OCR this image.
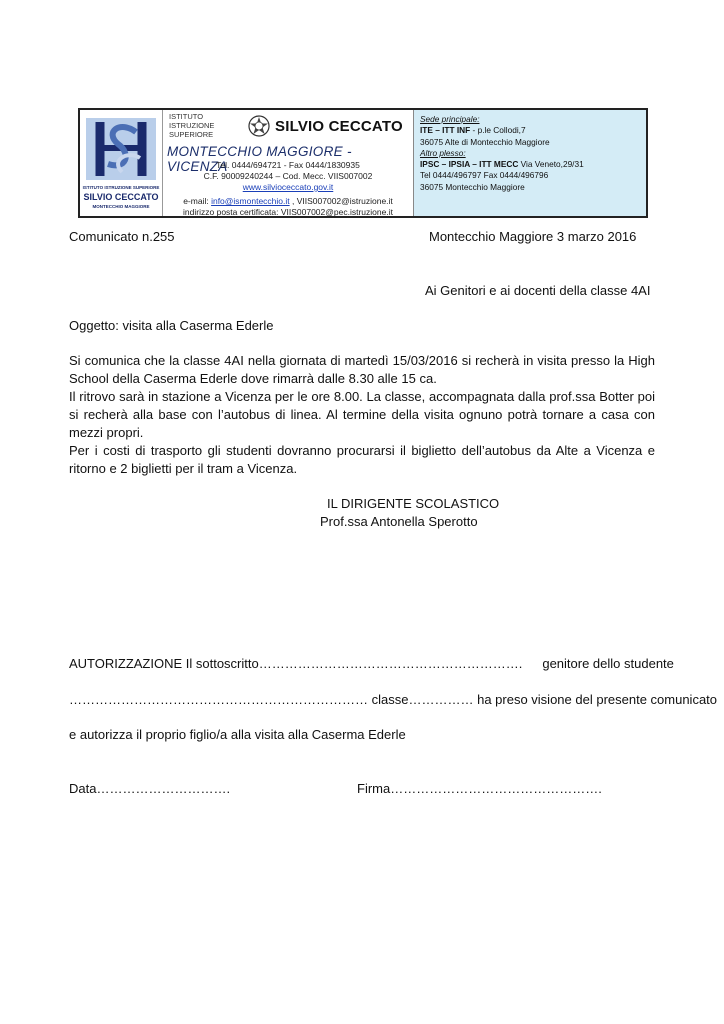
ISTITUTO ISTRUZIONE SUPERIORE
SILVIO CECCATO
MONTECCHIO MAGGIORE
ISTITUTO ISTRUZIONE SUPERIORE	SILVIO CECCATO
MONTECCHIO MAGGIORE - VICENZA
Tel. 0444/694721 - Fax 0444/1830935
C.F. 90009240244 – Cod. Mecc. VIIS007002
www.silvioceccato.gov.it
e-mail: info@ismontecchio.it , VIIS007002@istruzione.it
indirizzo posta certificata: VIIS007002@pec.istruzione.it
Sede principale:
ITE – ITT INF - p.le Collodi,7
36075 Alte di Montecchio Maggiore
Altro plesso:
IPSC – IPSIA – ITT MECC Via Veneto,29/31
Tel 0444/496797 Fax 0444/496796
36075 Montecchio Maggiore
Comunicato n.255	Montecchio Maggiore 3 marzo 2016
Ai Genitori e ai docenti della classe 4AI
Oggetto: visita alla Caserma Ederle

Si comunica che la classe 4AI nella giornata di martedì 15/03/2016 si recherà in visita presso la High School della Caserma Ederle dove rimarrà dalle 8.30 alle 15 ca.

Il ritrovo sarà in stazione a Vicenza per le ore 8.00. La classe, accompagnata dalla prof.ssa Botter poi si recherà alla base con l’autobus di linea. Al termine della visita ognuno potrà tornare a casa con mezzi propri.

Per i costi di trasporto gli studenti dovranno procurarsi il biglietto dell’autobus da Alte a Vicenza e ritorno e 2 biglietti per il tram a Vicenza.

IL DIRIGENTE SCOLASTICO
Prof.ssa Antonella Sperotto
AUTORIZZAZIONE Il sottoscritto……………………………………………………. genitore dello studente
…………………………………………………………… classe…………… ha preso visione del presente comunicato
e autorizza il proprio figlio/a alla visita alla Caserma Ederle
Data………………………….	Firma………………………………………….
